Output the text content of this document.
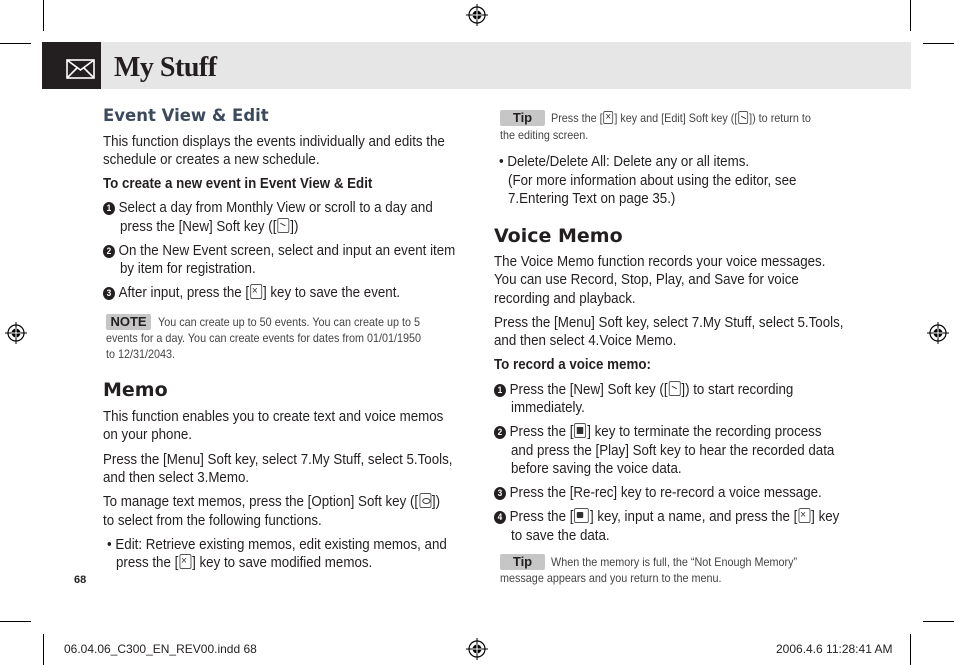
My Stuff
Event View & Edit
This function displays the events individually and edits the
schedule or creates a new schedule.
To create a new event in Event View & Edit
1 Select a day from Monthly View or scroll to a day and
press the [New] Soft key ([ ])
2 On the New Event screen, select and input an event item
by item for registration.
3 After input, press the [ × ] key to save the event.
NOTE You can create up to 50 events. You can create up to 5
events for a day. You can create events for dates from 01/01/1950
to 12/31/2043.
Memo
This function enables you to create text and voice memos
on your phone.
Press the [Menu] Soft key, select 7.My Stuff, select 5.Tools,
and then select 3.Memo.
To manage text memos, press the [Option] Soft key ([ ])
to select from the following functions.
• Edit: Retrieve existing memos, edit existing memos, and
press the [ × ] key to save modified memos.
68
Tip	Press the [ × ] key and [Edit] Soft key ([ ]) to return to
the editing screen.
• Delete/Delete All: Delete any or all items.
(For more information about using the editor, see
7.Entering Text on page 35.)
Voice Memo
The Voice Memo function records your voice messages.
You can use Record, Stop, Play, and Save for voice
recording and playback.
Press the [Menu] Soft key, select 7.My Stuff, select 5.Tools,
and then select 4.Voice Memo.
To record a voice memo:
1 Press the [New] Soft key ([ ]) to start recording
immediately.
2 Press the [ ] key to terminate the recording process
and press the [Play] Soft key to hear the recorded data
before saving the voice data.
3 Press the [Re-rec] key to re-record a voice message.
4 Press the [ ] key, input a name, and press the [ × ] key
to save the data.
Tip	When the memory is full, the “Not Enough Memory”
message appears and you return to the menu.
06.04.06_C300_EN_REV00.indd 68	2006.4.6 11:28:41 AM
